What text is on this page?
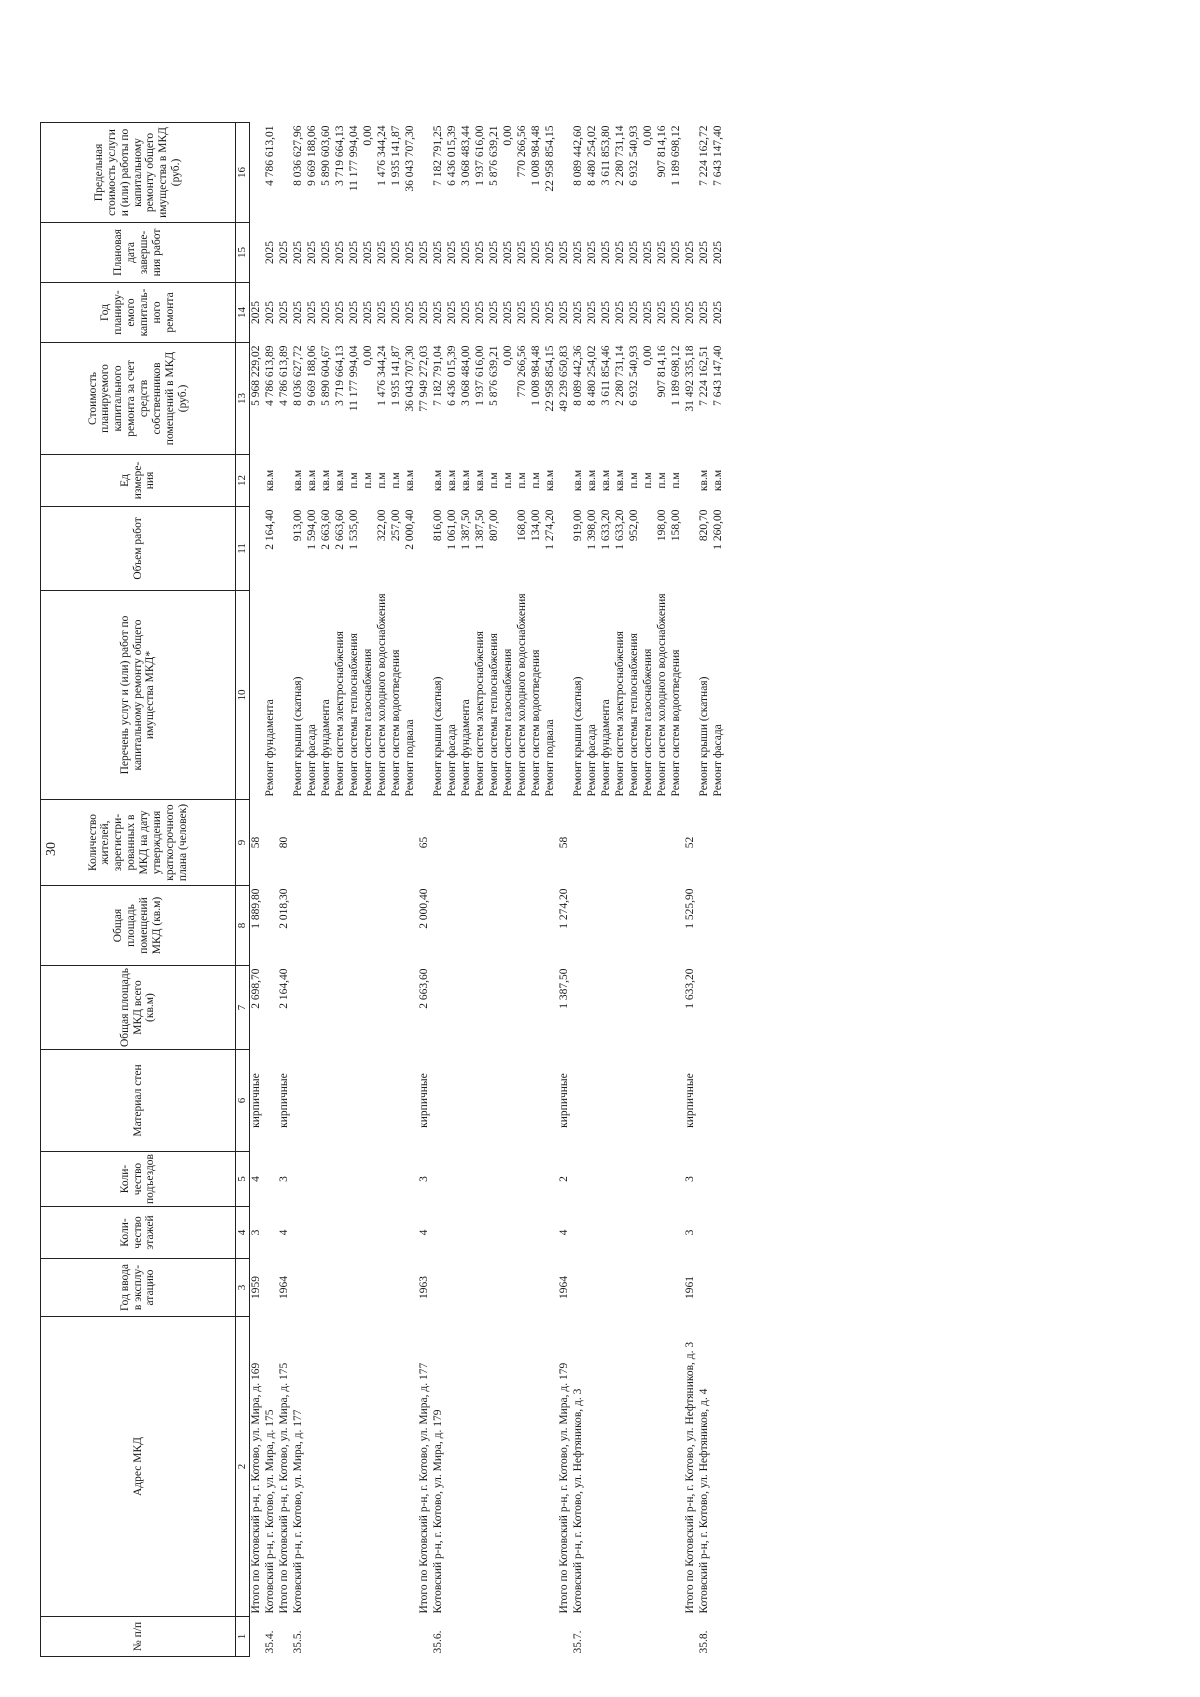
30
№ п/п	Адрес МКД	Год ввода в эксплу-атацию	Коли-чество этажей	Коли-чество подъездов	Материал стен	Общая площадь МКД всего (кв.м)	Общая площадь помещений МКД (кв.м)	Количество жителей, зарегистри-рованных в МКД на дату утверждения краткосрочного плана (человек)	Перечень услуг и (или) работ по капитальному ремонту общего имущества МКД*	Объем работ	Ед измере-ния	Стоимость планируемого капитального ремонта за счет средств собственников помещений в МКД (руб.)	Год планиру-емого капиталь-ного ремонта	Плановая дата заверше-ния работ	Предельная стоимость услуги и (или) работы по капитальному ремонту общего имущества в МКД (руб.)
1	2	3	4	5	6	7	8	9	10	11	12	13	14	15	16
	Итого по Котовский р-н, г. Котово, ул. Мира, д. 169	1959	3	4	кирпичные	2 698,70	1 889,80	58				5 968 229,02	2025		
35.4.	Котовский р-н, г. Котово, ул. Мира, д. 175								Ремонт фундамента	2 164,40	кв.м	4 786 613,89	2025	2025	4 786 613,01
	Итого по Котовский р-н, г. Котово, ул. Мира, д. 175	1964	4	3	кирпичные	2 164,40	2 018,30	80				4 786 613,89	2025	2025	
35.5.	Котовский р-н, г. Котово, ул. Мира, д. 177								Ремонт крыши (скатная)	913,00	кв.м	8 036 627,72	2025	2025	8 036 627,96
									Ремонт фасада	1 594,00	кв.м	9 669 188,06	2025	2025	9 669 188,06
									Ремонт фундамента	2 663,60	кв.м	5 890 604,67	2025	2025	5 890 603,60
									Ремонт систем электроснабжения	2 663,60	кв.м	3 719 664,13	2025	2025	3 719 664,13
									Ремонт системы теплоснабжения	1 535,00	п.м	11 177 994,04	2025	2025	11 177 994,04
									Ремонт систем газоснабжения		п.м	0,00	2025	2025	0,00
									Ремонт систем холодного водоснабжения	322,00	п.м	1 476 344,24	2025	2025	1 476 344,24
									Ремонт систем водоотведения	257,00	п.м	1 935 141,87	2025	2025	1 935 141,87
									Ремонт подвала	2 000,40	кв.м	36 043 707,30	2025	2025	36 043 707,30
	Итого по Котовский р-н, г. Котово, ул. Мира, д. 177	1963	4	3	кирпичные	2 663,60	2 000,40	65				77 949 272,03	2025	2025	
35.6.	Котовский р-н, г. Котово, ул. Мира, д. 179								Ремонт крыши (скатная)	816,00	кв.м	7 182 791,04	2025	2025	7 182 791,25
									Ремонт фасада	1 061,00	кв.м	6 436 015,39	2025	2025	6 436 015,39
									Ремонт фундамента	1 387,50	кв.м	3 068 484,00	2025	2025	3 068 483,44
									Ремонт систем электроснабжения	1 387,50	кв.м	1 937 616,00	2025	2025	1 937 616,00
									Ремонт системы теплоснабжения	807,00	п.м	5 876 639,21	2025	2025	5 876 639,21
									Ремонт систем газоснабжения		п.м	0,00	2025	2025	0,00
									Ремонт систем холодного водоснабжения	168,00	п.м	770 266,56	2025	2025	770 266,56
									Ремонт систем водоотведения	134,00	п.м	1 008 984,48	2025	2025	1 008 984,48
									Ремонт подвала	1 274,20	кв.м	22 958 854,15	2025	2025	22 958 854,15
	Итого по Котовский р-н, г. Котово, ул. Мира, д. 179	1964	4	2	кирпичные	1 387,50	1 274,20	58				49 239 650,83	2025	2025	
35.7.	Котовский р-н, г. Котово, ул. Нефтяников, д. 3								Ремонт крыши (скатная)	919,00	кв.м	8 089 442,36	2025	2025	8 089 442,60
									Ремонт фасада	1 398,00	кв.м	8 480 254,02	2025	2025	8 480 254,02
									Ремонт фундамента	1 633,20	кв.м	3 611 854,46	2025	2025	3 611 853,80
									Ремонт систем электроснабжения	1 633,20	кв.м	2 280 731,14	2025	2025	2 280 731,14
									Ремонт системы теплоснабжения	952,00	п.м	6 932 540,93	2025	2025	6 932 540,93
									Ремонт систем газоснабжения		п.м	0,00	2025	2025	0,00
									Ремонт систем холодного водоснабжения	198,00	п.м	907 814,16	2025	2025	907 814,16
									Ремонт систем водоотведения	158,00	п.м	1 189 698,12	2025	2025	1 189 698,12
	Итого по Котовский р-н, г. Котово, ул. Нефтяников, д. 3	1961	3	3	кирпичные	1 633,20	1 525,90	52				31 492 335,18	2025	2025	
35.8.	Котовский р-н, г. Котово, ул. Нефтяников, д. 4								Ремонт крыши (скатная)	820,70	кв.м	7 224 162,51	2025	2025	7 224 162,72
									Ремонт фасада	1 260,00	кв.м	7 643 147,40	2025	2025	7 643 147,40
